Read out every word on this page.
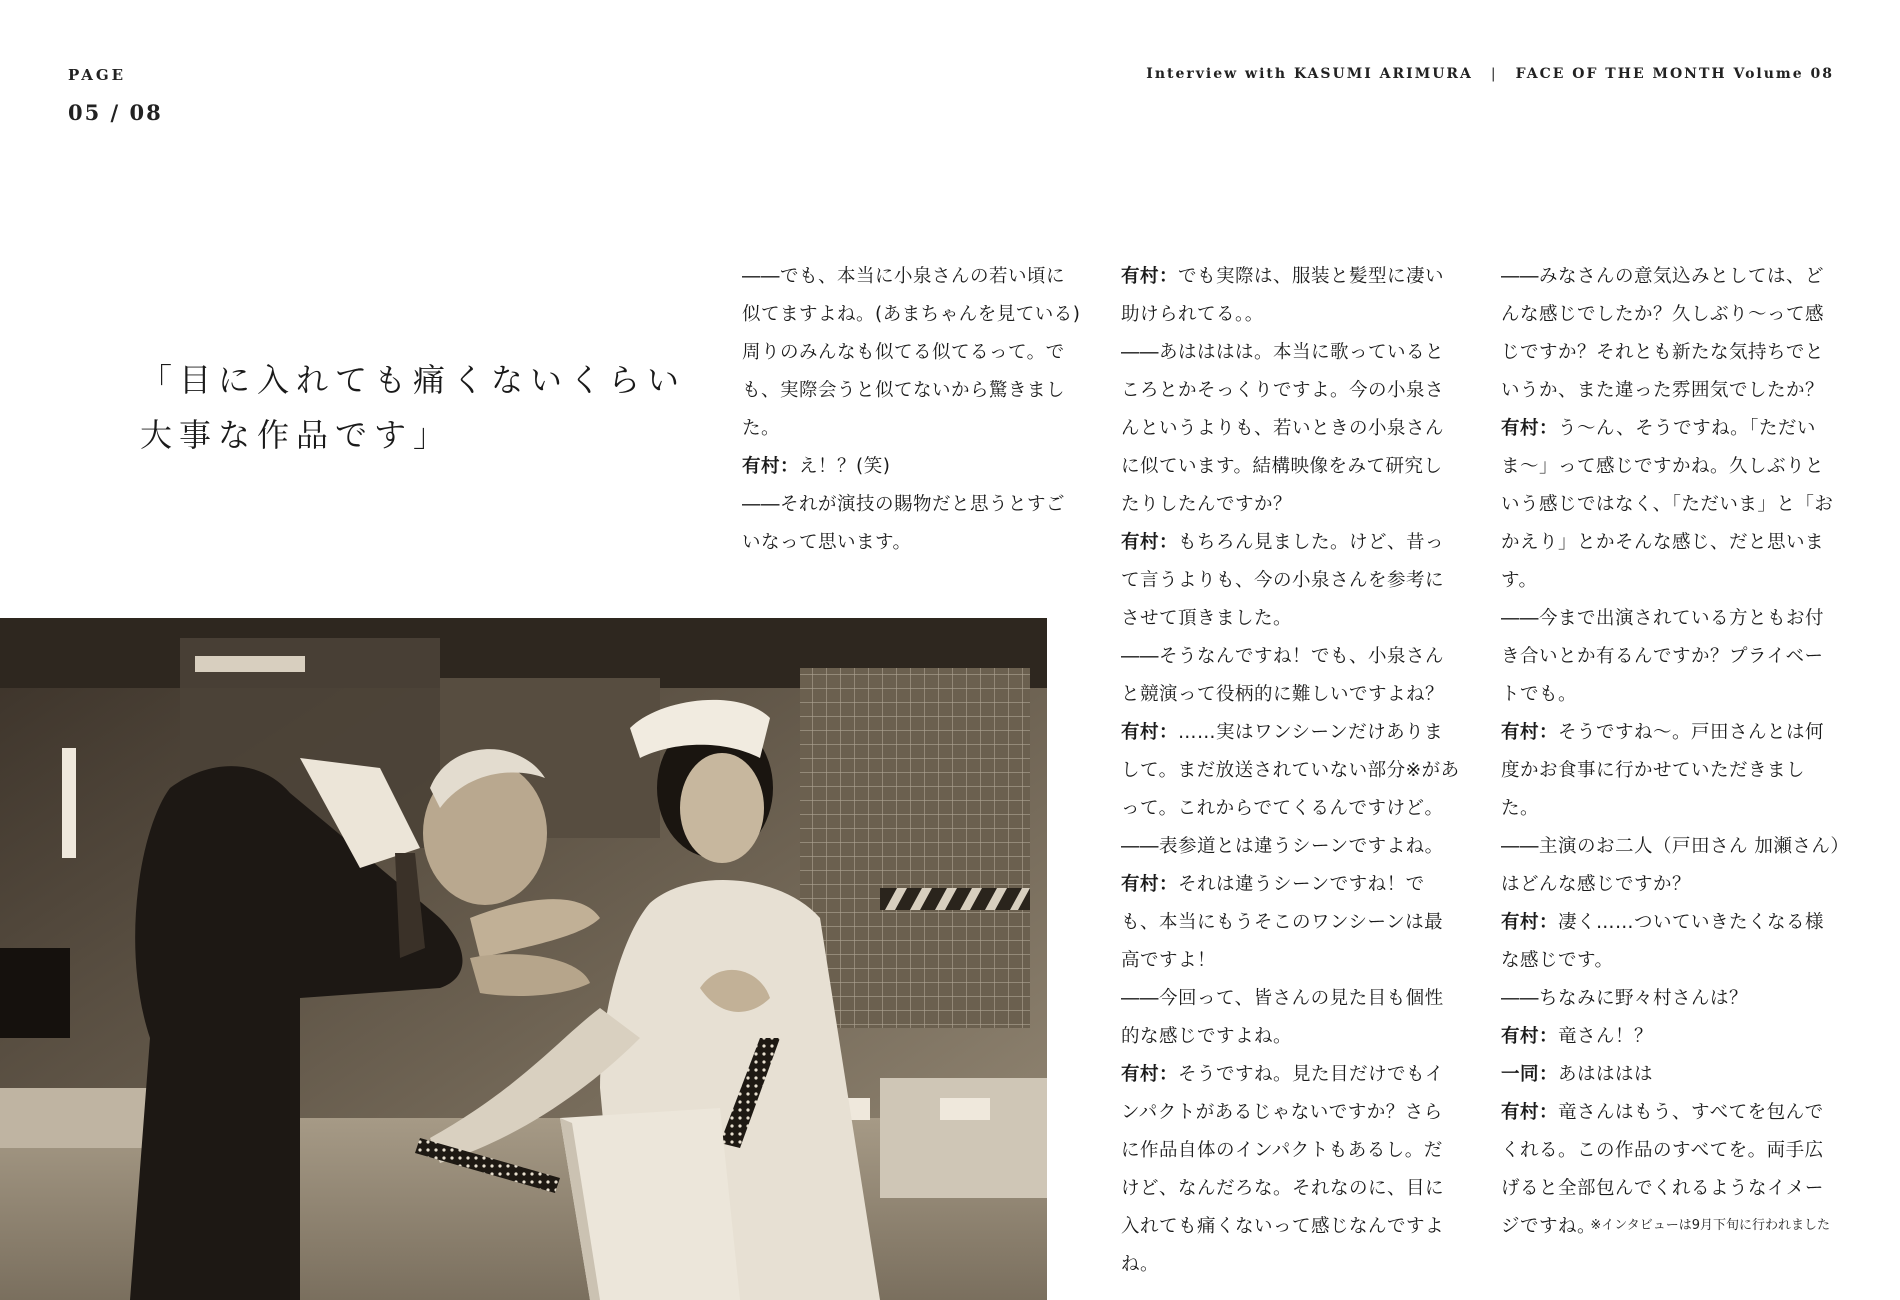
PAGE
05 / 08
Interview with KASUMI ARIMURA | FACE OF THE MONTH Volume 08
「目に入れても痛くないくらい
大事な作品です」

――でも、本当に小泉さんの若い頃に似てますよね。(あまちゃんを見ている)周りのみんなも似てる似てるって。でも、実際会うと似てないから驚きました。

有村：え！？(笑)

――それが演技の賜物だと思うとすごいなって思います。

有村：でも実際は、服装と髪型に凄い助けられてる。。

――あはははは。本当に歌っているところとかそっくりですよ。今の小泉さんというよりも、若いときの小泉さんに似ています。結構映像をみて研究したりしたんですか？

有村：もちろん見ました。けど、昔って言うよりも、今の小泉さんを参考にさせて頂きました。

――そうなんですね！でも、小泉さんと競演って役柄的に難しいですよね？

有村：……実はワンシーンだけありまして。まだ放送されていない部分※があって。これからでてくるんですけど。

――表参道とは違うシーンですよね。

有村：それは違うシーンですね！でも、本当にもうそこのワンシーンは最高ですよ！

――今回って、皆さんの見た目も個性的な感じですよね。

有村：そうですね。見た目だけでもインパクトがあるじゃないですか？さらに作品自体のインパクトもあるし。だけど、なんだろな。それなのに、目に入れても痛くないって感じなんですよね。

――みなさんの意気込みとしては、どんな感じでしたか？久しぶり〜って感じですか？それとも新たな気持ちでというか、また違った雰囲気でしたか？

有村：う〜ん、そうですね。「ただいま〜」って感じですかね。久しぶりという感じではなく、「ただいま」と「おかえり」とかそんな感じ、だと思います。

――今まで出演されている方ともお付き合いとか有るんですか？プライベートでも。

有村：そうですね〜。戸田さんとは何度かお食事に行かせていただきました。

――主演のお二人（戸田さん 加瀬さん）はどんな感じですか？

有村：凄く……ついていきたくなる様な感じです。

――ちなみに野々村さんは？

有村：竜さん！？

一同：あはははは

有村：竜さんはもう、すべてを包んでくれる。この作品のすべてを。両手広げると全部包んでくれるようなイメージですね。

※インタビューは9月下旬に行われました
